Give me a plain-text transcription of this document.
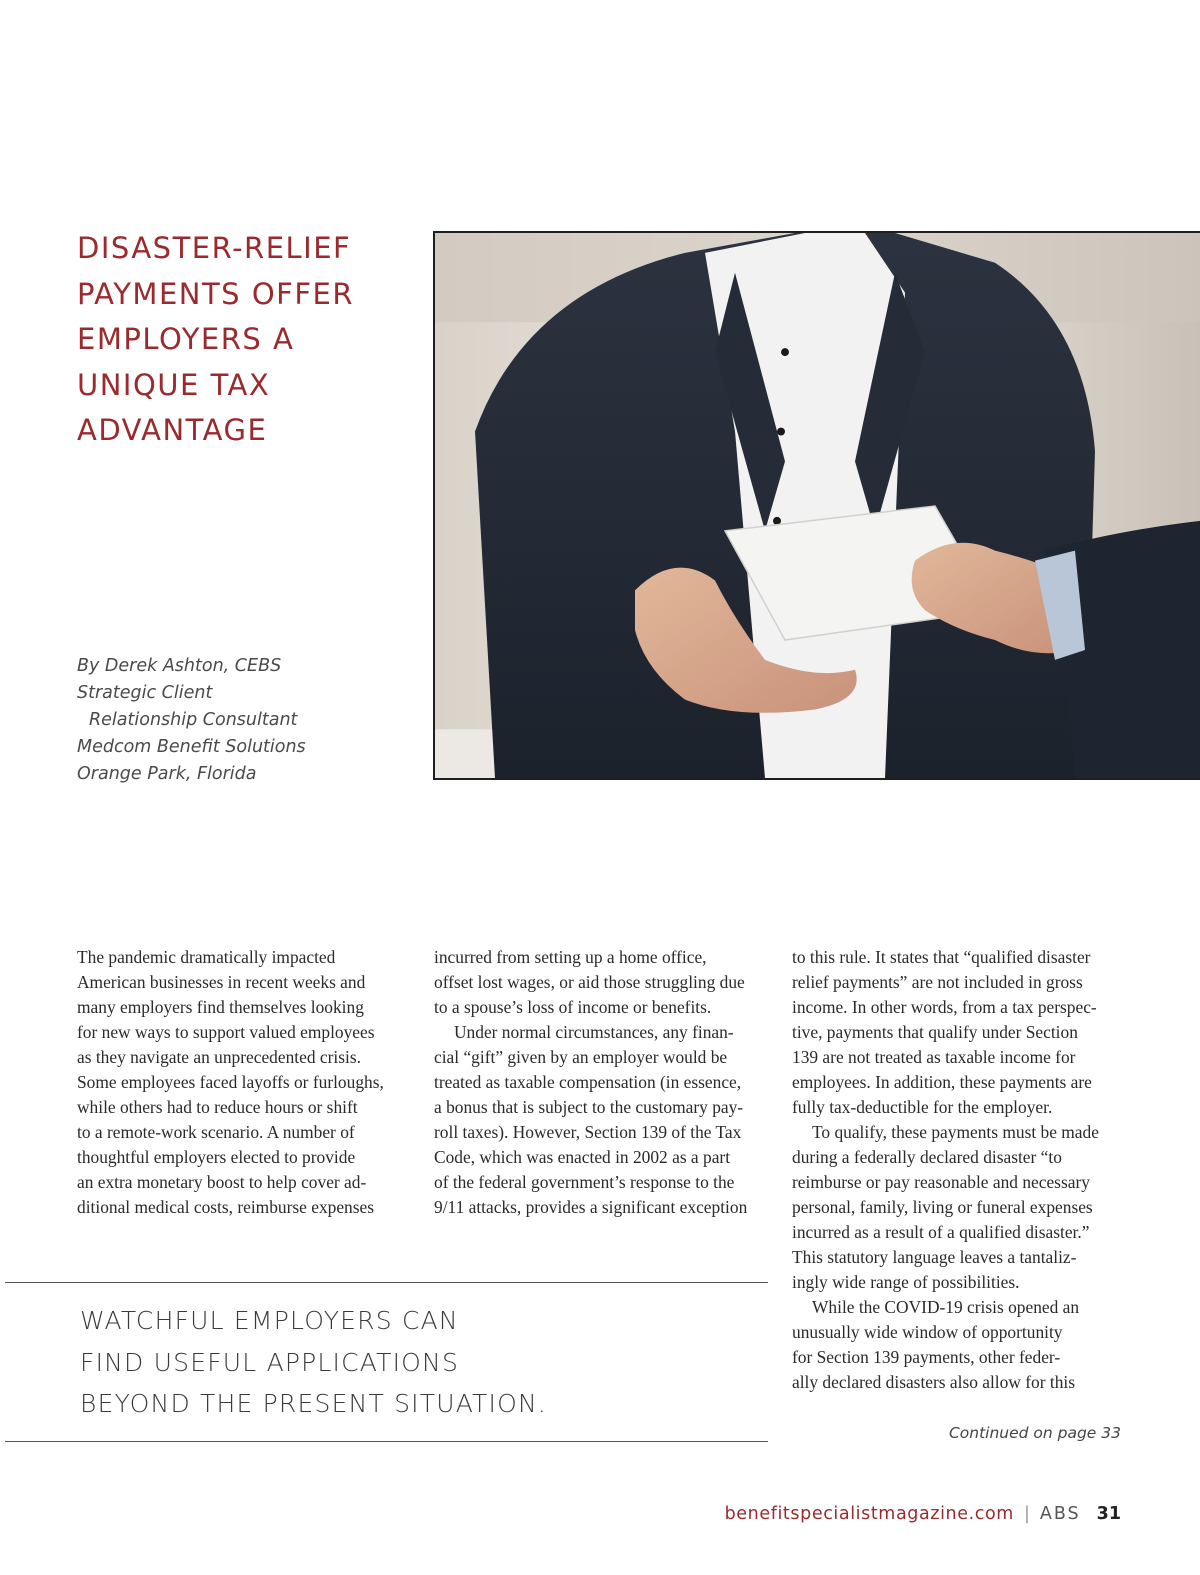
DISASTER-RELIEF
PAYMENTS OFFER
EMPLOYERS A
UNIQUE TAX
ADVANTAGE
By Derek Ashton, CEBS
Strategic Client
Relationship Consultant
Medcom Benefit Solutions
Orange Park, Florida
The pandemic dramatically impacted
American businesses in recent weeks and
many employers find themselves looking
for new ways to support valued employees
as they navigate an unprecedented crisis.
Some employees faced layoffs or furloughs,
while others had to reduce hours or shift
to a remote-work scenario. A number of
thoughtful employers elected to provide
an extra monetary boost to help cover ad-
ditional medical costs, reimburse expenses
incurred from setting up a home office,
offset lost wages, or aid those struggling due
to a spouse’s loss of income or benefits.
Under normal circumstances, any finan-
cial “gift” given by an employer would be
treated as taxable compensation (in essence,
a bonus that is subject to the customary pay-
roll taxes). However, Section 139 of the Tax
Code, which was enacted in 2002 as a part
of the federal government’s response to the
9/11 attacks, provides a significant exception
to this rule. It states that “qualified disaster
relief payments” are not included in gross
income. In other words, from a tax perspec-
tive, payments that qualify under Section
139 are not treated as taxable income for
employees. In addition, these payments are
fully tax-deductible for the employer.
To qualify, these payments must be made
during a federally declared disaster “to
reimburse or pay reasonable and necessary
personal, family, living or funeral expenses
incurred as a result of a qualified disaster.”
This statutory language leaves a tantaliz-
ingly wide range of possibilities.
While the COVID-19 crisis opened an
unusually wide window of opportunity
for Section 139 payments, other feder-
ally declared disasters also allow for this
WATCHFUL EMPLOYERS CAN
FIND USEFUL APPLICATIONS
BEYOND THE PRESENT SITUATION.
Continued on page 33
benefitspecialistmagazine.com | ABS 31
